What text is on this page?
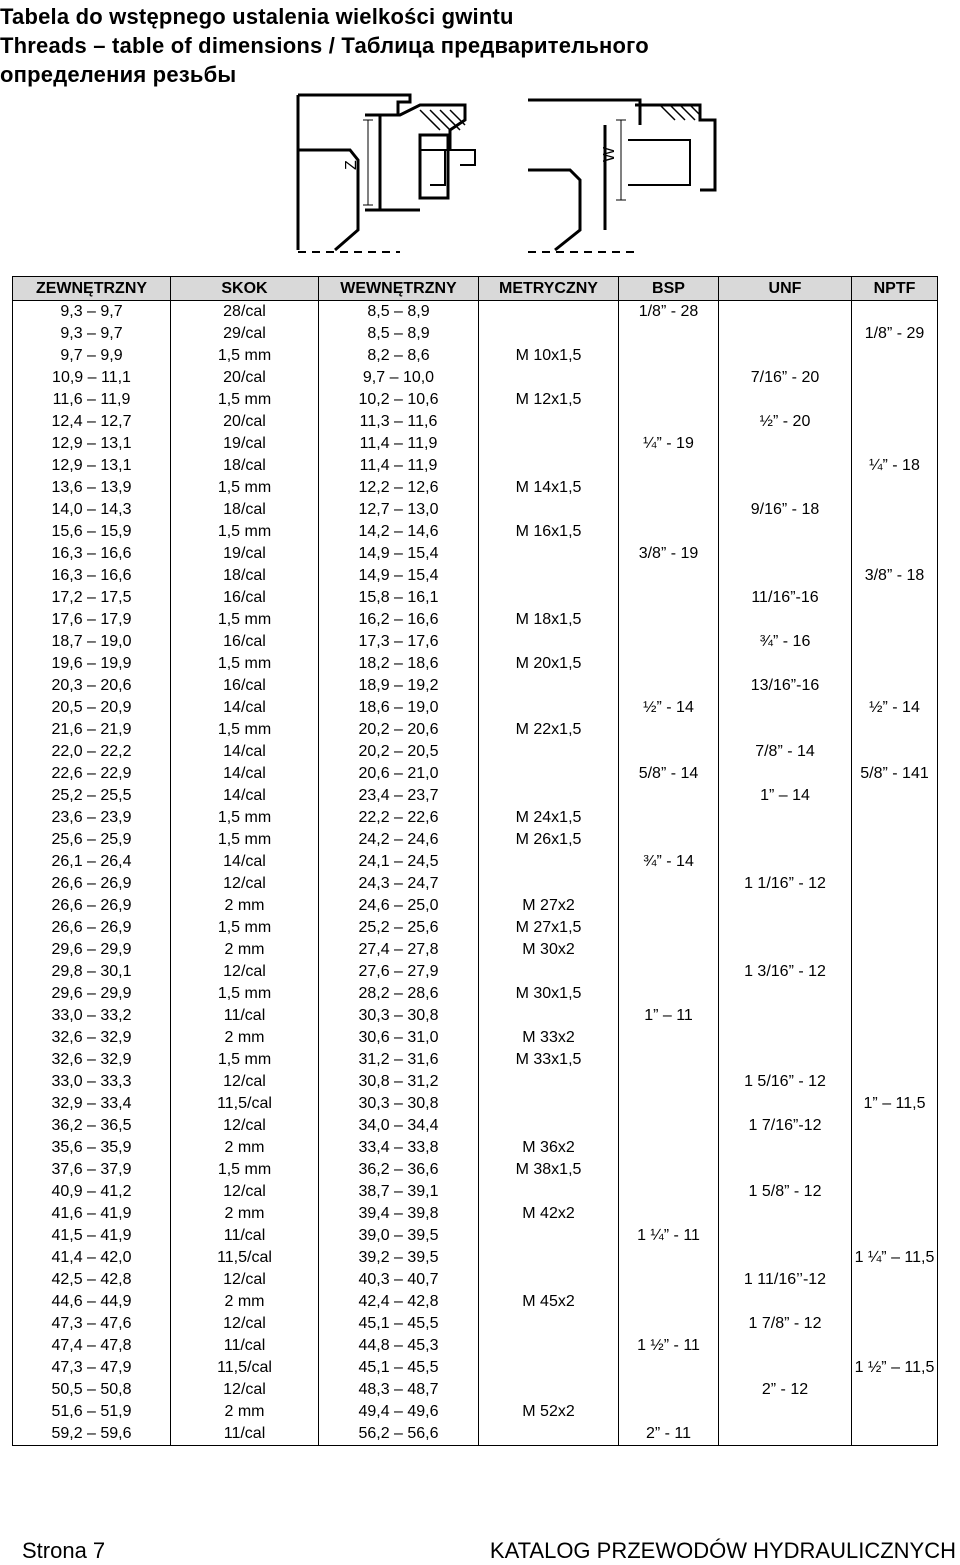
Tabela do wstępnego ustalenia wielkości gwintu
Threads – table of dimensions / Таблица предварительного
определения резьбы
Z
W
ZEWNĘTRZNY	SKOK	WEWNĘTRZNY	METRYCZNY	BSP	UNF	NPTF
9,3 – 9,7	28/cal	8,5 – 8,9		1/8” - 28		
9,3 – 9,7	29/cal	8,5 – 8,9				1/8” - 29
9,7 – 9,9	1,5 mm	8,2 – 8,6	M 10x1,5			
10,9 – 11,1	20/cal	9,7 – 10,0			7/16” - 20	
11,6 – 11,9	1,5 mm	10,2 – 10,6	M 12x1,5			
12,4 – 12,7	20/cal	11,3 – 11,6			½” - 20	
12,9 – 13,1	19/cal	11,4 – 11,9		¼” - 19		
12,9 – 13,1	18/cal	11,4 – 11,9				¼” - 18
13,6 – 13,9	1,5 mm	12,2 – 12,6	M 14x1,5			
14,0 – 14,3	18/cal	12,7 – 13,0			9/16” - 18	
15,6 – 15,9	1,5 mm	14,2 – 14,6	M 16x1,5			
16,3 – 16,6	19/cal	14,9 – 15,4		3/8” - 19		
16,3 – 16,6	18/cal	14,9 – 15,4				3/8” - 18
17,2 – 17,5	16/cal	15,8 – 16,1			11/16”-16	
17,6 – 17,9	1,5 mm	16,2 – 16,6	M 18x1,5			
18,7 – 19,0	16/cal	17,3 – 17,6			¾” - 16	
19,6 – 19,9	1,5 mm	18,2 – 18,6	M 20x1,5			
20,3 – 20,6	16/cal	18,9 – 19,2			13/16”-16	
20,5 – 20,9	14/cal	18,6 – 19,0		½” - 14		½” - 14
21,6 – 21,9	1,5 mm	20,2 – 20,6	M 22x1,5			
22,0 – 22,2	14/cal	20,2 – 20,5			7/8” - 14	
22,6 – 22,9	14/cal	20,6 – 21,0		5/8” - 14		5/8” - 141
25,2 – 25,5	14/cal	23,4 – 23,7			1” – 14	
23,6 – 23,9	1,5 mm	22,2 – 22,6	M 24x1,5			
25,6 – 25,9	1,5 mm	24,2 – 24,6	M 26x1,5			
26,1 – 26,4	14/cal	24,1 – 24,5		¾” - 14		
26,6 – 26,9	12/cal	24,3 – 24,7			1 1/16” - 12	
26,6 – 26,9	2 mm	24,6 – 25,0	M 27x2			
26,6 – 26,9	1,5 mm	25,2 – 25,6	M 27x1,5			
29,6 – 29,9	2 mm	27,4 – 27,8	M 30x2			
29,8 – 30,1	12/cal	27,6 – 27,9			1 3/16” - 12	
29,6 – 29,9	1,5 mm	28,2 – 28,6	M 30x1,5			
33,0 – 33,2	11/cal	30,3 – 30,8		1” – 11		
32,6 – 32,9	2 mm	30,6 – 31,0	M 33x2			
32,6 – 32,9	1,5 mm	31,2 – 31,6	M 33x1,5			
33,0 – 33,3	12/cal	30,8 – 31,2			1 5/16” - 12	
32,9 – 33,4	11,5/cal	30,3 – 30,8				1” – 11,5
36,2 – 36,5	12/cal	34,0 – 34,4			1 7/16”-12	
35,6 – 35,9	2 mm	33,4 – 33,8	M 36x2			
37,6 – 37,9	1,5 mm	36,2 – 36,6	M 38x1,5			
40,9 – 41,2	12/cal	38,7 – 39,1			1 5/8” - 12	
41,6 – 41,9	2 mm	39,4 – 39,8	M 42x2			
41,5 – 41,9	11/cal	39,0 – 39,5		1 ¼” - 11		
41,4 – 42,0	11,5/cal	39,2 – 39,5				1 ¼” – 11,5
42,5 – 42,8	12/cal	40,3 – 40,7			1 11/16’’-12	
44,6 – 44,9	2 mm	42,4 – 42,8	M 45x2			
47,3 – 47,6	12/cal	45,1 – 45,5			1 7/8” - 12	
47,4 – 47,8	11/cal	44,8 – 45,3		1 ½” - 11		
47,3 – 47,9	11,5/cal	45,1 – 45,5				1 ½” – 11,5
50,5 – 50,8	12/cal	48,3 – 48,7			2” - 12	
51,6 – 51,9	2 mm	49,4 – 49,6	M 52x2			
59,2 – 59,6	11/cal	56,2 – 56,6		2” - 11		
Strona 7	KATALOG PRZEWODÓW HYDRAULICZNYCH
